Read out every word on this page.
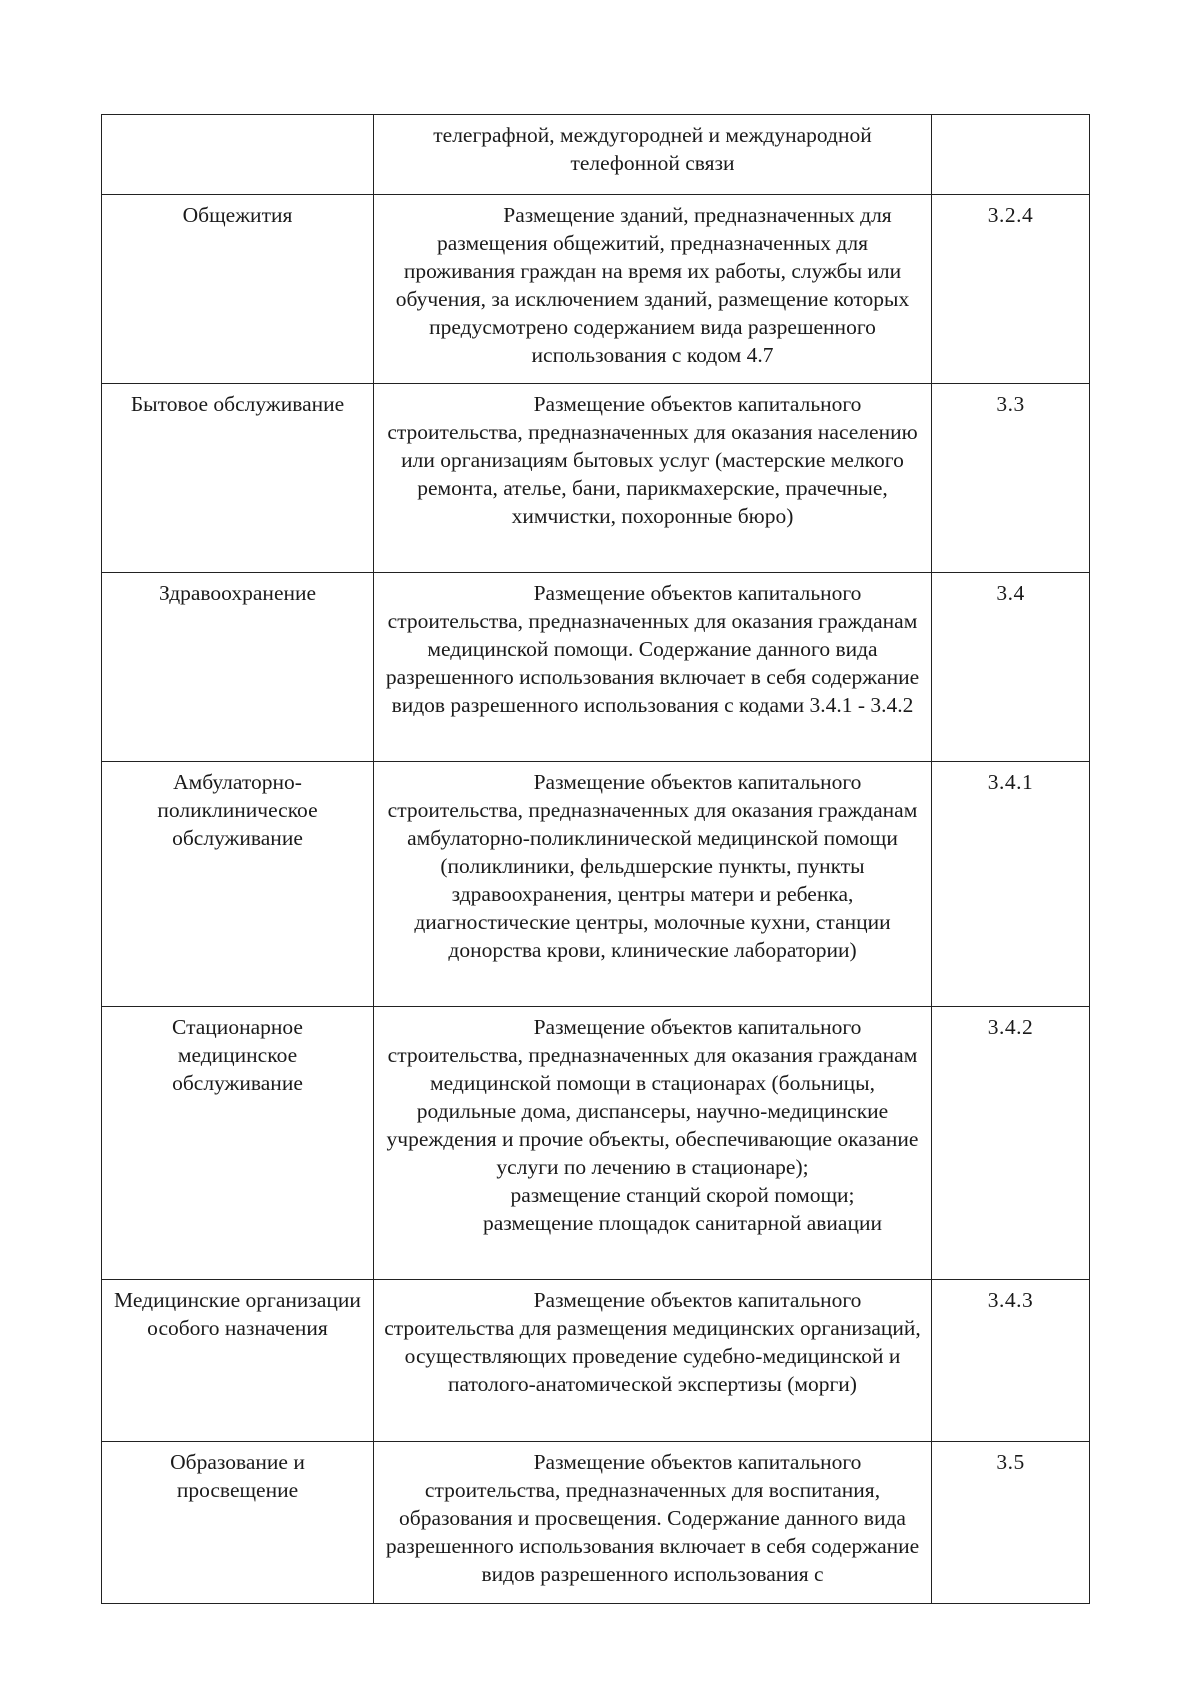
	телеграфной, междугородней и международной телефонной связи	

Общежития	Размещение зданий, предназначенных для размещения общежитий, предназначенных для проживания граждан на время их работы, службы или обучения, за исключением зданий, размещение которых предусмотрено содержанием вида разрешенного использования с кодом 4.7	3.2.4
Бытовое обслуживание	Размещение объектов капитального строительства, предназначенных для оказания населению или организациям бытовых услуг (мастерские мелкого ремонта, ателье, бани, парикмахерские, прачечные, химчистки, похоронные бюро)	3.3
Здравоохранение	Размещение объектов капитального строительства, предназначенных для оказания гражданам медицинской помощи. Содержание данного вида разрешенного использования включает в себя содержание видов разрешенного использования с кодами 3.4.1 - 3.4.2	3.4
Амбулаторно-поликлиническое обслуживание	Размещение объектов капитального строительства, предназначенных для оказания гражданам амбулаторно-поликлинической медицинской помощи (поликлиники, фельдшерские пункты, пункты здравоохранения, центры матери и ребенка, диагностические центры, молочные кухни, станции донорства крови, клинические лаборатории)	3.4.1
Стационарное медицинское обслуживание	Размещение объектов капитального строительства, предназначенных для оказания гражданам медицинской помощи в стационарах (больницы, родильные дома, диспансеры, научно-медицинские учреждения и прочие объекты, обеспечивающие оказание услуги по лечению в стационаре);
размещение станций скорой помощи;
размещение площадок санитарной авиации	3.4.2
Медицинские организации особого назначения	Размещение объектов капитального строительства для размещения медицинских организаций, осуществляющих проведение судебно-медицинской и патолого-анатомической экспертизы (морги)	3.4.3
Образование и просвещение	Размещение объектов капитального строительства, предназначенных для воспитания, образования и просвещения. Содержание данного вида разрешенного использования включает в себя содержание видов разрешенного использования с	3.5
